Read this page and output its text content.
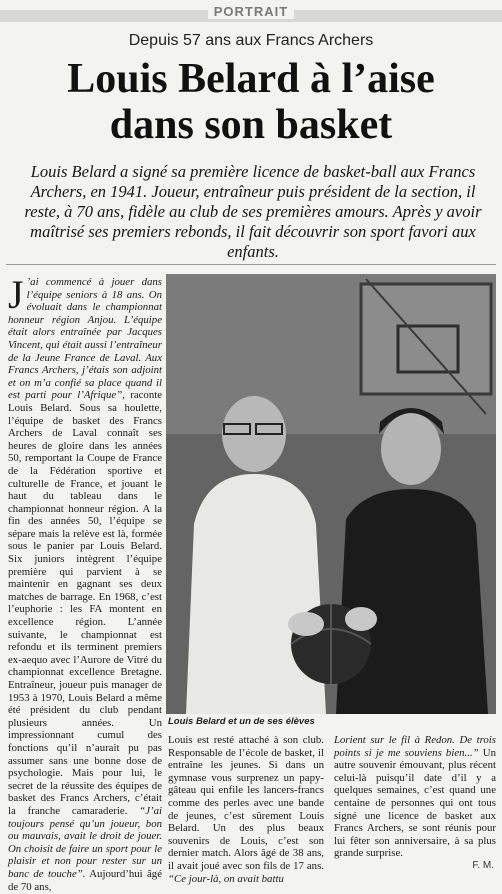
PORTRAIT
Depuis 57 ans aux Francs Archers
Louis Belard à l’aise
dans son basket
Louis Belard a signé sa première licence de basket-ball aux Francs Archers, en 1941. Joueur, entraîneur puis président de la section, il reste, à 70 ans, fidèle au club de ses premières amours. Après y avoir maîtrisé ses premiers rebonds, il fait découvrir son sport favori aux enfants.

J ’ai commencé à jouer dans l’équipe seniors à 18 ans. On évoluait dans le championnat honneur région Anjou. L’équipe était alors entraînée par Jacques Vincent, qui était aussi l’entraîneur de la Jeune France de Laval. Aux Francs Archers, j’étais son adjoint et on m’a confié sa place quand il est parti pour l’Afrique”, raconte Louis Belard. Sous sa houlette, l’équipe de basket des Francs Archers de Laval connaît ses heures de gloire dans les années 50, remportant la Coupe de France de la Fédération sportive et culturelle de France, et jouant le haut du tableau dans le championnat honneur région. A la fin des années 50, l’équipe se sépare mais la relève est là, formée sous le panier par Louis Belard. Six juniors intègrent l’équipe première qui parvient à se maintenir en gagnant ses deux matches de barrage. En 1968, c’est l’euphorie : les FA montent en excellence région. L’année suivante, le championnat est refondu et ils terminent premiers ex-aequo avec l’Aurore de Vitré du championnat excellence Bretagne. Entraîneur, joueur puis manager de 1953 à 1970, Louis Belard a même été président du club pendant plusieurs années. Un impressionnant cumul des fonctions qu’il n’aurait pu pas assumer sans une bonne dose de psychologie. Mais pour lui, le secret de la réussite des équipes de basket des Francs Archers, c’était la franche camaraderie. “J’ai toujours pensé qu’un joueur, bon ou mauvais, avait le droit de jouer. On choisit de faire un sport pour le plaisir et non pour rester sur un banc de touche”. Aujourd’hui âgé de 70 ans,

Louis Belard et un de ses élèves

Louis est resté attaché à son club. Responsable de l’école de basket, il entraîne les jeunes. Si dans un gymnase vous surprenez un papy-gâteau qui enfile les lancers-francs comme des perles avec une bande de jeunes, c’est sûrement Louis Belard. Un des plus beaux souvenirs de Louis, c’est son dernier match. Alors âgé de 38 ans, il avait joué avec son fils de 17 ans. “Ce jour-là, on avait battu

Lorient sur le fil à Redon. De trois points si je me souviens bien...” Un autre souvenir émouvant, plus récent celui-là puisqu’il date d’il y a quelques semaines, c’est quand une centaine de personnes qui ont tous signé une licence de basket aux Francs Archers, se sont réunis pour lui fêter son anniversaire, à sa plus grande surprise.

F. M.
